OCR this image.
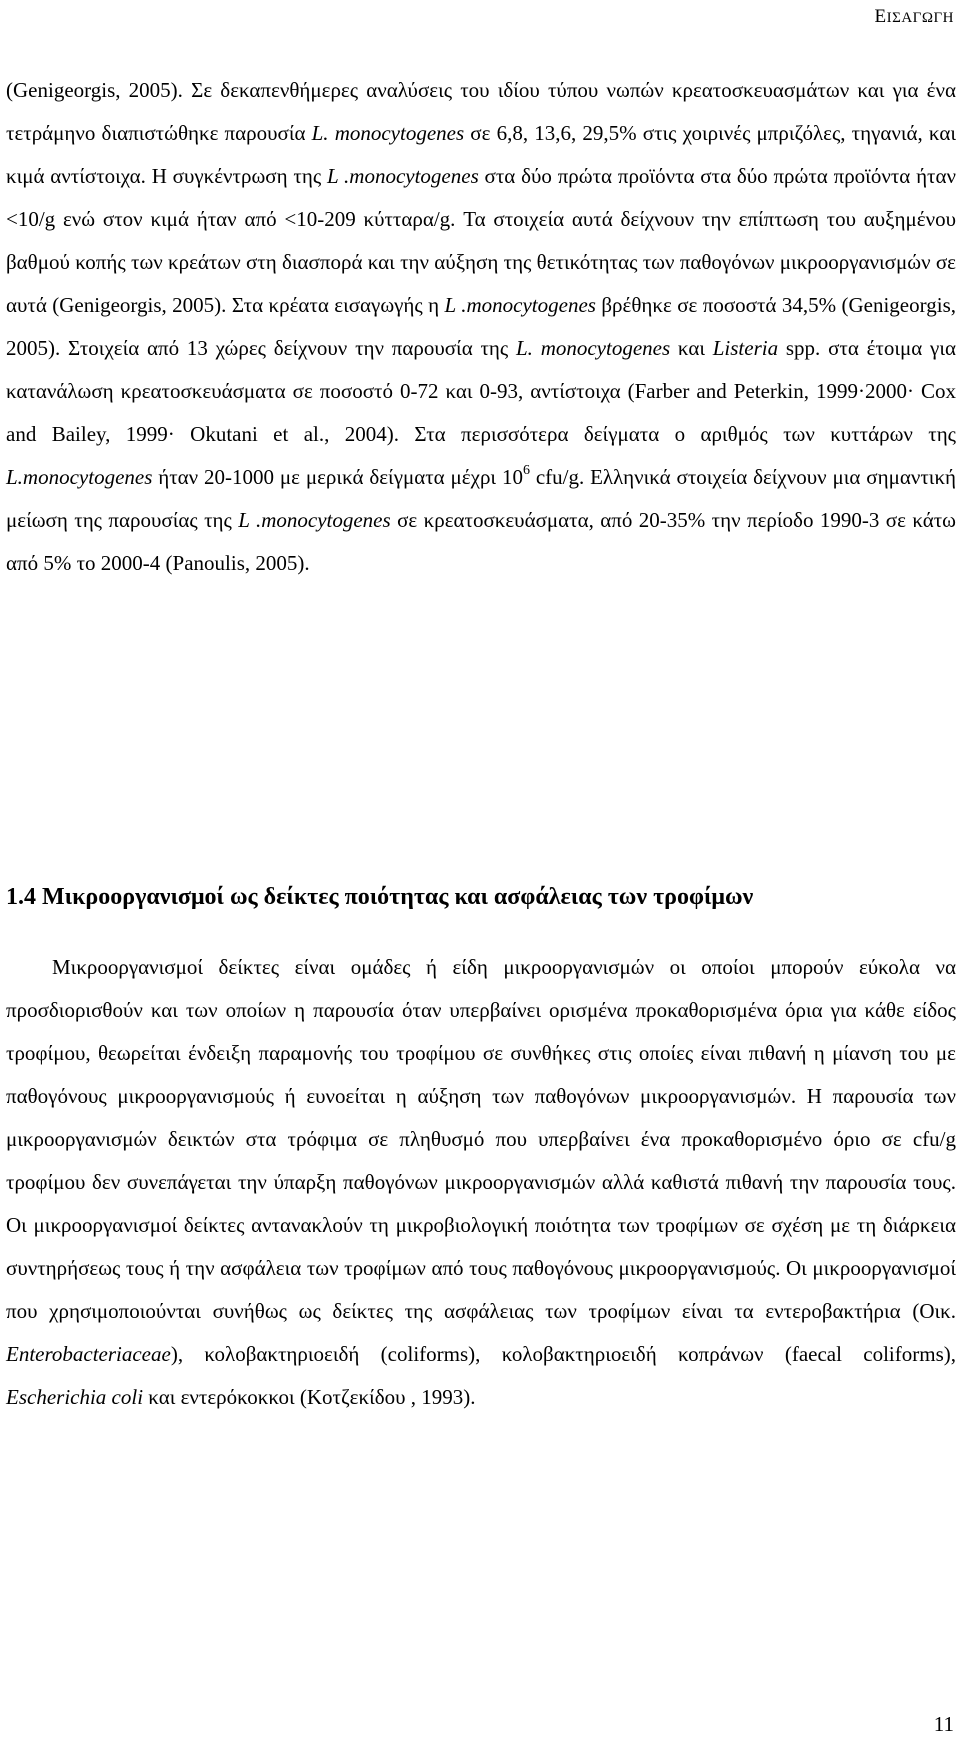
ΕΙΣΑΓΩΓΗ

(Genigeorgis, 2005). Σε δεκαπενθήμερες αναλύσεις του ιδίου τύπου νωπών κρεατοσκευασμάτων και για ένα τετράμηνο διαπιστώθηκε παρουσία L. monocytogenes σε 6,8, 13,6, 29,5% στις χοιρινές μπριζόλες, τηγανιά, και κιμά αντίστοιχα. Η συγκέντρωση της L .monocytogenes στα δύο πρώτα προϊόντα στα δύο πρώτα προϊόντα ήταν <10/g ενώ στον κιμά ήταν από <10-209 κύτταρα/g. Τα στοιχεία αυτά δείχνουν την επίπτωση του αυξημένου βαθμού κοπής των κρεάτων στη διασπορά και την αύξηση της θετικότητας των παθογόνων μικροοργανισμών σε αυτά (Genigeorgis, 2005). Στα κρέατα εισαγωγής η L .monocytogenes βρέθηκε σε ποσοστά 34,5% (Genigeorgis, 2005). Στοιχεία από 13 χώρες δείχνουν την παρουσία της L. monocytogenes και Listeria spp. στα έτοιμα για κατανάλωση κρεατοσκευάσματα σε ποσοστό 0-72 και 0-93, αντίστοιχα (Farber and Peterkin, 1999·2000· Cox and Bailey, 1999· Okutani et al., 2004). Στα περισσότερα δείγματα ο αριθμός των κυττάρων της L.monocytogenes ήταν 20-1000 με μερικά δείγματα μέχρι $10^6$ cfu/g. Ελληνικά στοιχεία δείχνουν μια σημαντική μείωση της παρουσίας της L .monocytogenes σε κρεατοσκευάσματα, από 20-35% την περίοδο 1990-3 σε κάτω από 5% το 2000-4 (Panoulis, 2005).

1.4 Μικροοργανισμοί ως δείκτες ποιότητας και ασφάλειας των τροφίμων

Μικροοργανισμοί δείκτες είναι ομάδες ή είδη μικροοργανισμών οι οποίοι μπορούν εύκολα να προσδιορισθούν και των οποίων η παρουσία όταν υπερβαίνει ορισμένα προκαθορισμένα όρια για κάθε είδος τροφίμου, θεωρείται ένδειξη παραμονής του τροφίμου σε συνθήκες στις οποίες είναι πιθανή η μίανση του με παθογόνους μικροοργανισμούς ή ευνοείται η αύξηση των παθογόνων μικροοργανισμών. Η παρουσία των μικροοργανισμών δεικτών στα τρόφιμα σε πληθυσμό που υπερβαίνει ένα προκαθορισμένο όριο σε cfu/g τροφίμου δεν συνεπάγεται την ύπαρξη παθογόνων μικροοργανισμών αλλά καθιστά πιθανή την παρουσία τους. Οι μικροοργανισμοί δείκτες αντανακλούν τη μικροβιολογική ποιότητα των τροφίμων σε σχέση με τη διάρκεια συντηρήσεως τους ή την ασφάλεια των τροφίμων από τους παθογόνους μικροοργανισμούς. Οι μικροοργανισμοί που χρησιμοποιούνται συνήθως ως δείκτες της ασφάλειας των τροφίμων είναι τα εντεροβακτήρια (Οικ. Enterobacteriaceae), κολοβακτηριοειδή (coliforms), κολοβακτηριοειδή κοπράνων (faecal coliforms), Escherichia coli και εντερόκοκκοι (Κοτζεκίδου , 1993).

11
